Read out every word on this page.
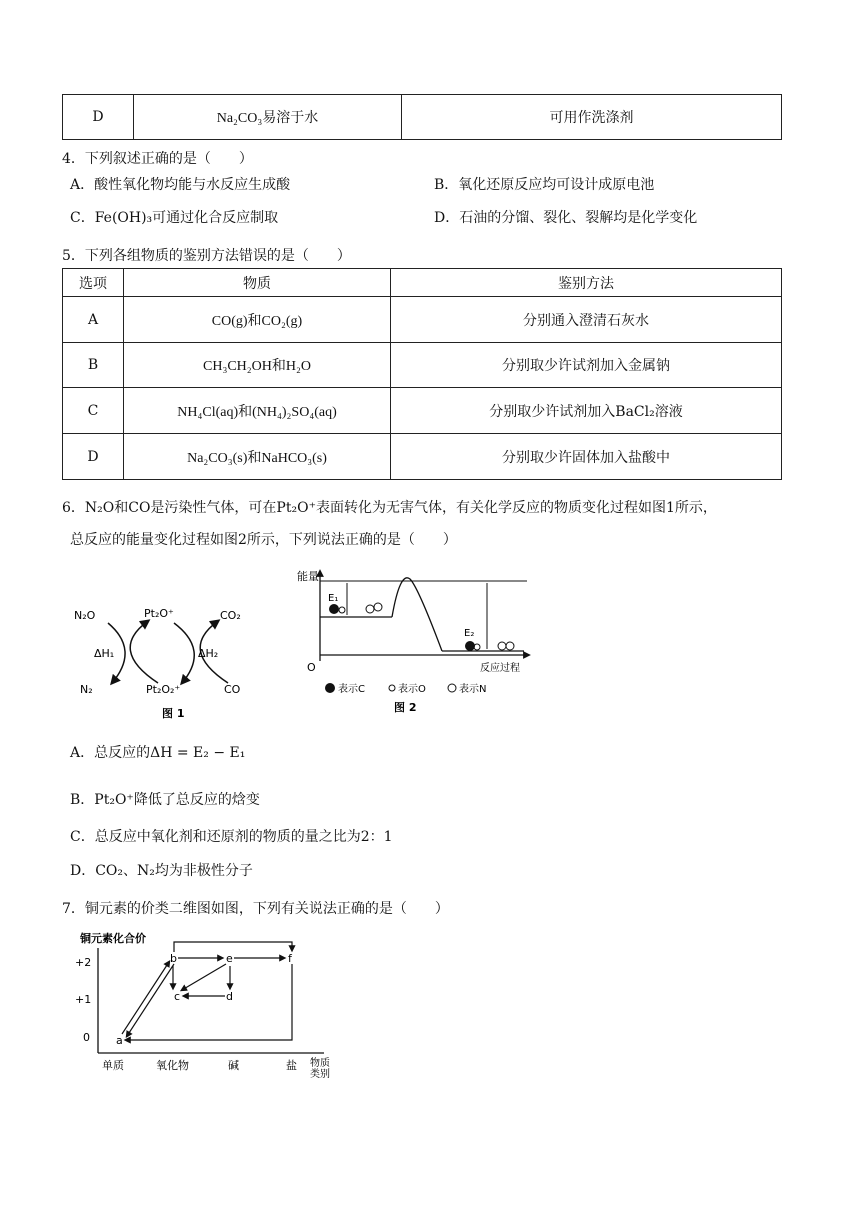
D	Na₂CO₃易溶于水	可用作洗涤剂
4．下列叙述正确的是（　　）
A．酸性氧化物均能与水反应生成酸	B．氧化还原反应均可设计成原电池
C．Fe(OH)₃可通过化合反应制取	D．石油的分馏、裂化、裂解均是化学变化
5．下列各组物质的鉴别方法错误的是（　　）
选项	物质	鉴别方法
A	CO(g)和CO₂(g)	分别通入澄清石灰水
B	CH₃CH₂OH和H₂O	分别取少许试剂加入金属钠
C	NH₄Cl(aq)和(NH₄)₂SO₄(aq)	分别取少许试剂加入BaCl₂溶液
D	Na₂CO₃(s)和NaHCO₃(s)	分别取少许固体加入盐酸中
6．N₂O和CO是污染性气体，可在Pt₂O⁺表面转化为无害气体，有关化学反应的物质变化过程如图1所示，
总反应的能量变化过程如图2所示，下列说法正确的是（　　）
N₂O	Pt₂O⁺	CO₂
ΔH₁	ΔH₂
N₂	Pt₂O₂⁺	CO
图 1
能量
E₁
E₂
O	反应过程
表示C	表示O	表示N
图 2
A．总反应的ΔH = E₂ − E₁
B．Pt₂O⁺降低了总反应的焓变
C．总反应中氧化剂和还原剂的物质的量之比为2：1
D．CO₂、N₂均为非极性分子
7．铜元素的价类二维图如图，下列有关说法正确的是（　　）
铜元素化合价
+2
+1
0
单质	氧化物	碱	盐 物质
类别
a
b
c	d
e	f
